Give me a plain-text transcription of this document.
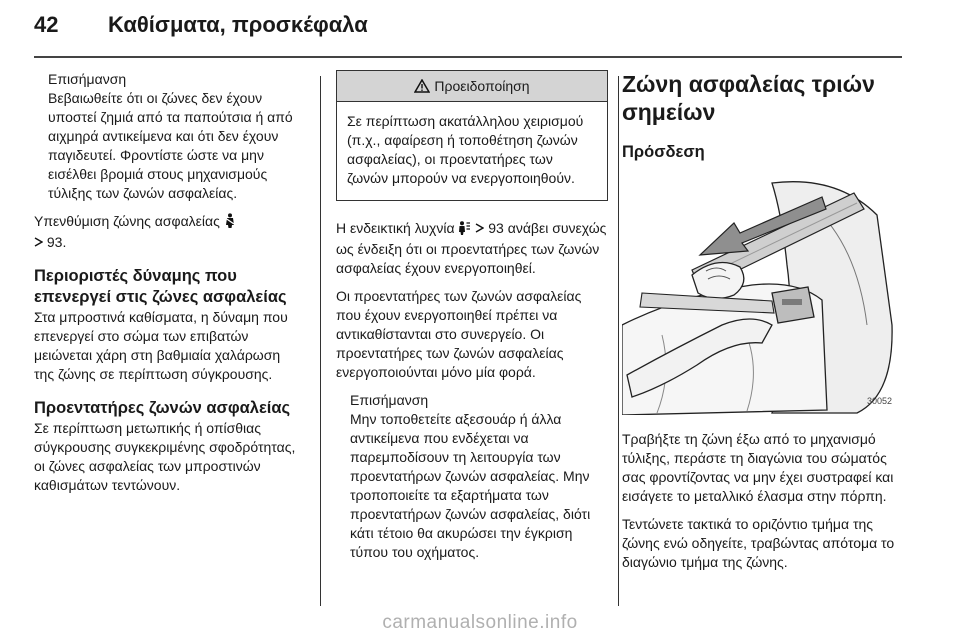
42 Καθίσματα, προσκέφαλα
Επισήμανση
Βεβαιωθείτε ότι οι ζώνες δεν έχουν υποστεί ζημιά από τα παπούτσια ή από αιχμηρά αντικείμενα και ότι δεν έχουν παγιδευτεί. Φροντίστε ώστε να μην εισέλθει βρομιά στους μηχανισμούς τύλιξης των ζωνών ασφαλείας.

Υπενθύμιση ζώνης ασφαλείας
93.

Περιοριστές δύναμης που επενεργεί στις ζώνες ασφαλείας

Στα μπροστινά καθίσματα, η δύναμη που επενεργεί στο σώμα των επιβατών μειώνεται χάρη στη βαθμιαία χαλάρωση της ζώνης σε περίπτωση σύγκρουσης.

Προεντατήρες ζωνών ασφαλείας

Σε περίπτωση μετωπικής ή οπίσθιας σύγκρουσης συγκεκριμένης σφοδρότητας, οι ζώνες ασφαλείας των μπροστινών καθισμάτων τεντώνουν.

Προειδοποίηση
Σε περίπτωση ακατάλληλου χειρισμού (π.χ., αφαίρεση ή τοποθέτηση ζωνών ασφαλείας), οι προεντατήρες των ζωνών μπορούν να ενεργοποιηθούν.

Η ενδεικτική λυχνία 93 ανάβει συνεχώς ως ένδειξη ότι οι προεντατήρες των ζωνών ασφαλείας έχουν ενεργοποιηθεί.

Οι προεντατήρες των ζωνών ασφαλείας που έχουν ενεργοποιηθεί πρέπει να αντικαθίστανται στο συνεργείο. Οι προεντατήρες των ζωνών ασφαλείας ενεργοποιούνται μόνο μία φορά.

Επισήμανση
Μην τοποθετείτε αξεσουάρ ή άλλα αντικείμενα που ενδέχεται να παρεμποδίσουν τη λειτουργία των προεντατήρων ζωνών ασφαλείας. Μην τροποποιείτε τα εξαρτήματα των προεντατήρων ζωνών ασφαλείας, διότι κάτι τέτοιο θα ακυρώσει την έγκριση τύπου του οχήματος.
Ζώνη ασφαλείας τριών σημείων
Πρόσδεση
30052

Τραβήξτε τη ζώνη έξω από το μηχανισμό τύλιξης, περάστε τη διαγώνια του σώματός σας φροντίζοντας να μην έχει συστραφεί και εισάγετε το μεταλλικό έλασμα στην πόρπη.

Τεντώνετε τακτικά το οριζόντιο τμήμα της ζώνης ενώ οδηγείτε, τραβώντας απότομα το διαγώνιο τμήμα της ζώνης.

carmanualsonline.info
